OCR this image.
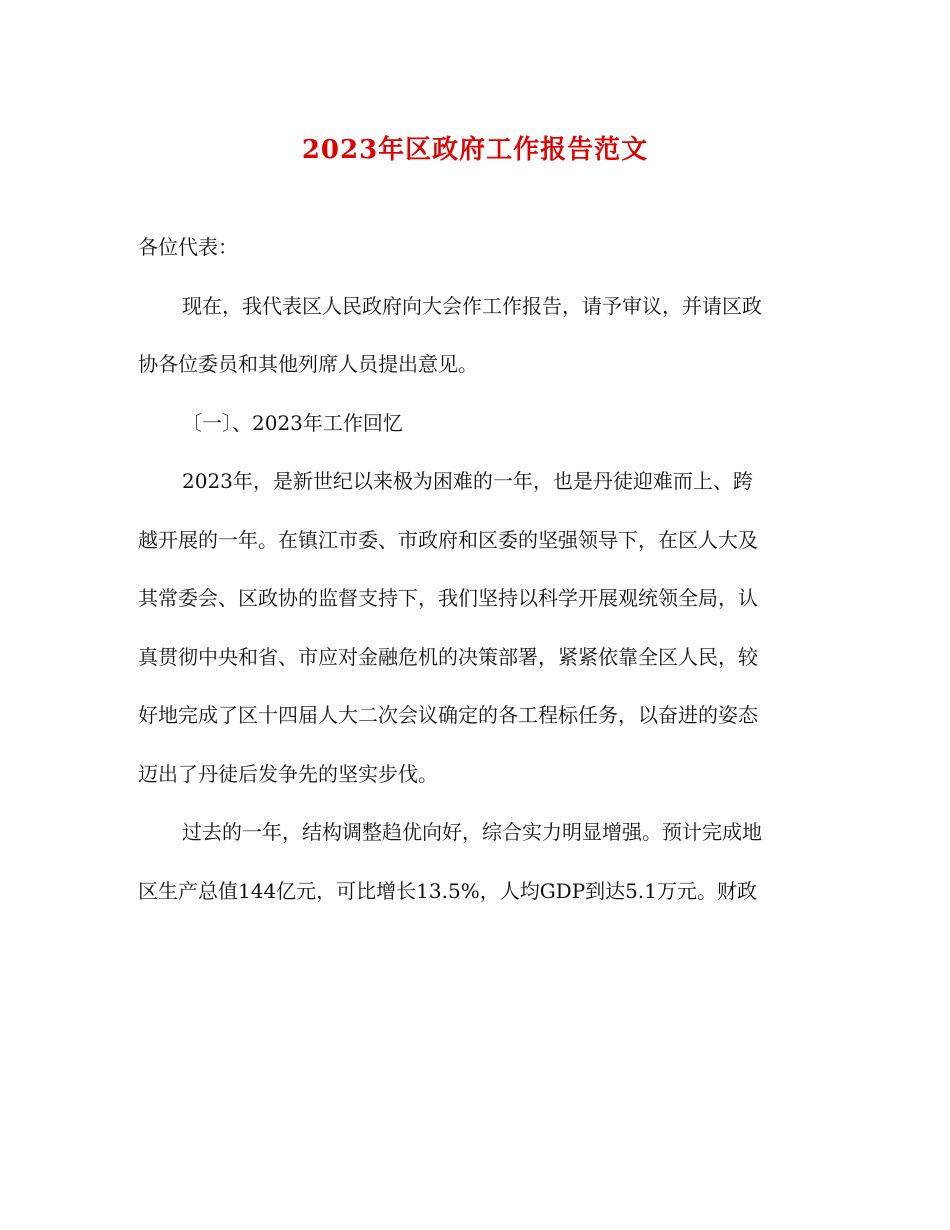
2023年区政府工作报告范文

各位代表：

现在，我代表区人民政府向大会作工作报告，请予审议，并请区政
协各位委员和其他列席人员提出意见。

〔一〕、2023年工作回忆

2023年，是新世纪以来极为困难的一年，也是丹徒迎难而上、跨
越开展的一年。在镇江市委、市政府和区委的坚强领导下，在区人大及
其常委会、区政协的监督支持下，我们坚持以科学开展观统领全局，认
真贯彻中央和省、市应对金融危机的决策部署，紧紧依靠全区人民，较
好地完成了区十四届人大二次会议确定的各工程标任务，以奋进的姿态
迈出了丹徒后发争先的坚实步伐。

过去的一年，结构调整趋优向好，综合实力明显增强。预计完成地
区生产总值144亿元，可比增长13.5%，人均GDP到达5.1万元。财政
